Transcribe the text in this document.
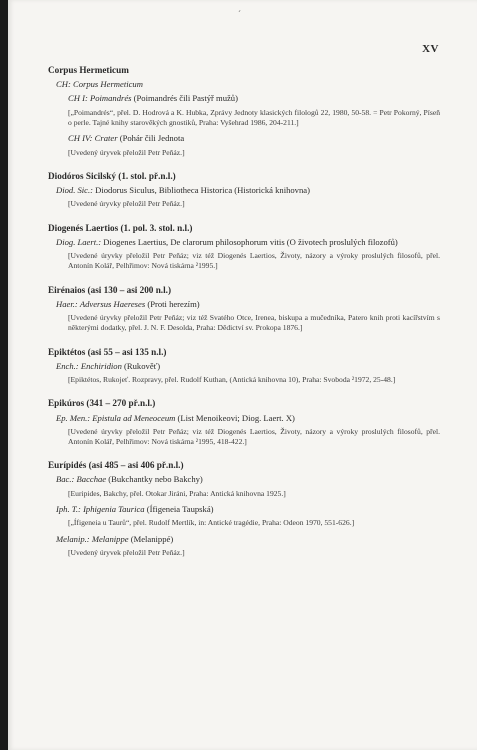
´
XV
Corpus Hermeticum
CH: Corpus Hermeticum
CH I: Poimandrés (Poimandrés čili Pastýř mužů)
[„Poimandrés“, přel. D. Hodrová a K. Hubka, Zprávy Jednoty klasických filologů 22, 1980, 50-58. = Petr Pokorný, Píseň o perle. Tajné knihy starověkých gnostiků, Praha: Vyšehrad 1986, 204-211.]
CH IV: Crater (Pohár čili Jednota
[Uvedený úryvek přeložil Petr Peňáz.]
Diodóros Sicilský (1. stol. př.n.l.)
Diod. Sic.: Diodorus Siculus, Bibliotheca Historica (Historická knihovna)
[Uvedené úryvky přeložil Petr Peňáz.]
Diogenés Laertios (1. pol. 3. stol. n.l.)
Diog. Laert.: Diogenes Laertius, De clarorum philosophorum vitis (O životech proslulých filozofů)
[Uvedené úryvky přeložil Petr Peňáz; viz též Diogenés Laertios, Životy, názory a výroky proslulých filosofů, přel. Antonín Kolář, Pelhřimov: Nová tiskárna ²1995.]
Eirénaios (asi 130 – asi 200 n.l.)
Haer.: Adversus Haereses (Proti herezím)
[Uvedené úryvky přeložil Petr Peňáz; viz též Svatého Otce, Irenea, biskupa a mučedníka, Patero knih proti kacířstvím s některými dodatky, přel. J. N. F. Desolda, Praha: Dědictví sv. Prokopa 1876.]
Epiktétos (asi 55 – asi 135 n.l.)
Ench.: Enchiridion (Rukověť)
[Epiktétos, Rukojeť. Rozpravy, přel. Rudolf Kuthan, (Antická knihovna 10), Praha: Svoboda ²1972, 25-48.]
Epikúros (341 – 270 př.n.l.)
Ep. Men.: Epistula ad Meneoceum (List Menoikeovi; Diog. Laert. X)
[Uvedené úryvky přeložil Petr Peňáz; viz též Diogenés Laertios, Životy, názory a výroky proslulých filosofů, přel. Antonín Kolář, Pelhřimov: Nová tiskárna ²1995, 418-422.]
Eurípidés (asi 485 – asi 406 př.n.l.)
Bac.: Bacchae (Bukchantky nebo Bakchy)
[Euripides, Bakchy, přel. Otokar Jiráni, Praha: Antická knihovna 1925.]
Iph. T.: Iphigenia Taurica (Ífigeneia Tauрská)
[„Ífigeneia u Taurů“, přel. Rudolf Mertlík, in: Antické tragédie, Praha: Odeon 1970, 551-626.]
Melanip.: Melanippe (Melanippé)
[Uvedený úryvek přeložil Petr Peňáz.]
